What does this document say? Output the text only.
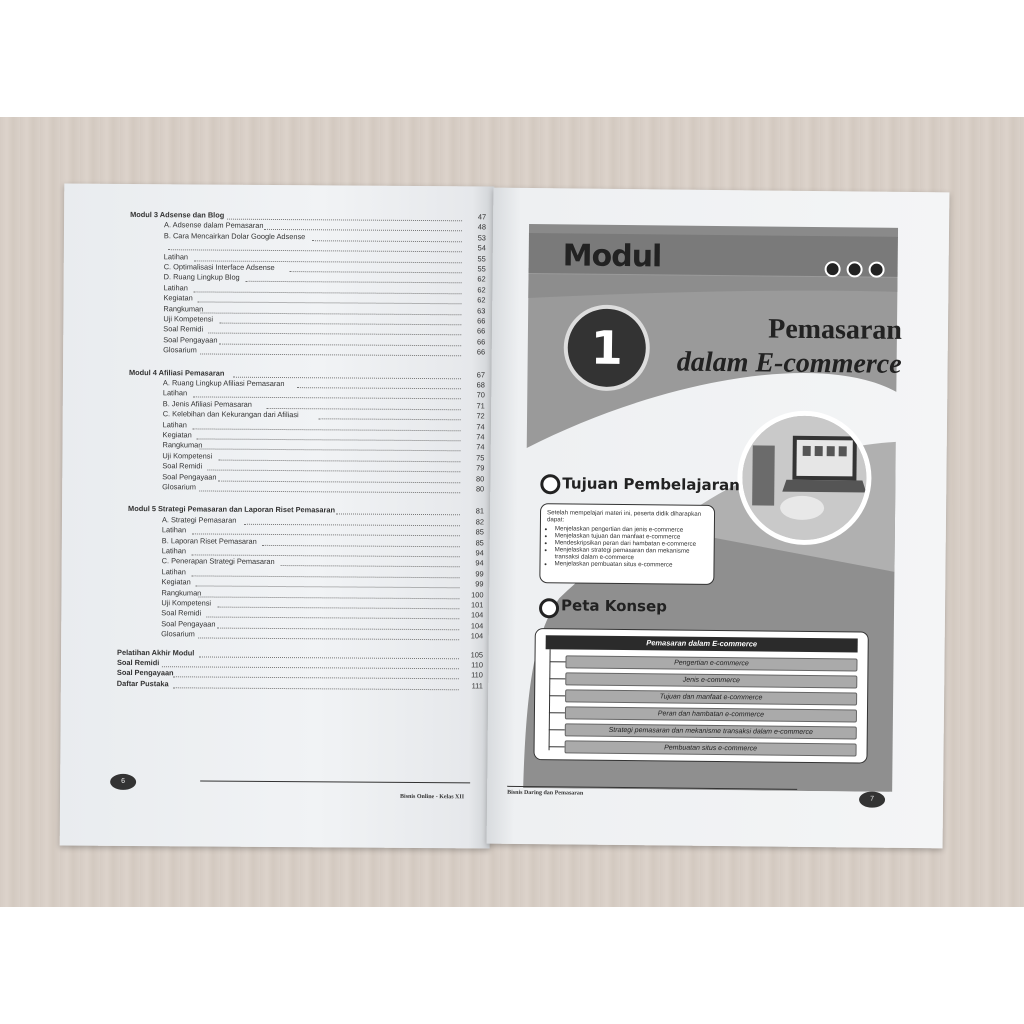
Modul 3 Adsense dan Blog	47
A. Adsense dalam Pemasaran	48
B. Cara Mencairkan Dolar Google Adsense	53
54
Latihan	55
C. Optimalisasi Interface Adsense	55
D. Ruang Lingkup Blog	62
Latihan	62
Kegiatan	62
Rangkuman	63
Uji Kompetensi	66
Soal Remidi	66
Soal Pengayaan	66
Glosarium	66
Modul 4 Afiliasi Pemasaran	67
A. Ruang Lingkup Afiliasi Pemasaran	68
Latihan	70
B. Jenis Afiliasi Pemasaran	71
C. Kelebihan dan Kekurangan dari Afiliasi	72
Latihan	74
Kegiatan	74
Rangkuman	74
Uji Kompetensi	75
Soal Remidi	79
Soal Pengayaan	80
Glosarium	80
Modul 5 Strategi Pemasaran dan Laporan Riset Pemasaran	81
A. Strategi Pemasaran	82
Latihan	85
B. Laporan Riset Pemasaran	85
Latihan	94
C. Penerapan Strategi Pemasaran	94
Latihan	99
Kegiatan	99
Rangkuman	100
Uji Kompetensi	101
Soal Remidi	104
Soal Pengayaan	104
Glosarium	104
Pelatihan Akhir Modul	105
Soal Remidi	110
Soal Pengayaan	110
Daftar Pustaka	111
6
Bisnis Online - Kelas XII
Modul
1	Pemasaran
dalam E-commerce
Tujuan Pembelajaran
Setelah mempelajari materi ini, peserta didik diharapkan dapat:
• Menjelaskan pengertian dan jenis e-commerce
• Menjelaskan tujuan dan manfaat e-commerce
• Mendeskripsikan peran dari hambatan e-commerce
• Menjelaskan strategi pemasaran dan mekanisme transaksi dalam e-commerce
• Menjelaskan pembuatan situs e-commerce
Peta Konsep
Pemasaran dalam E-commerce
Pengertian e-commerce
Jenis e-commerce
Tujuan dan manfaat e-commerce
Peran dan hambatan e-commerce
Strategi pemasaran dan mekanisme transaksi dalam e-commerce
Pembuatan situs e-commerce
Bisnis Daring dan Pemasaran
7
